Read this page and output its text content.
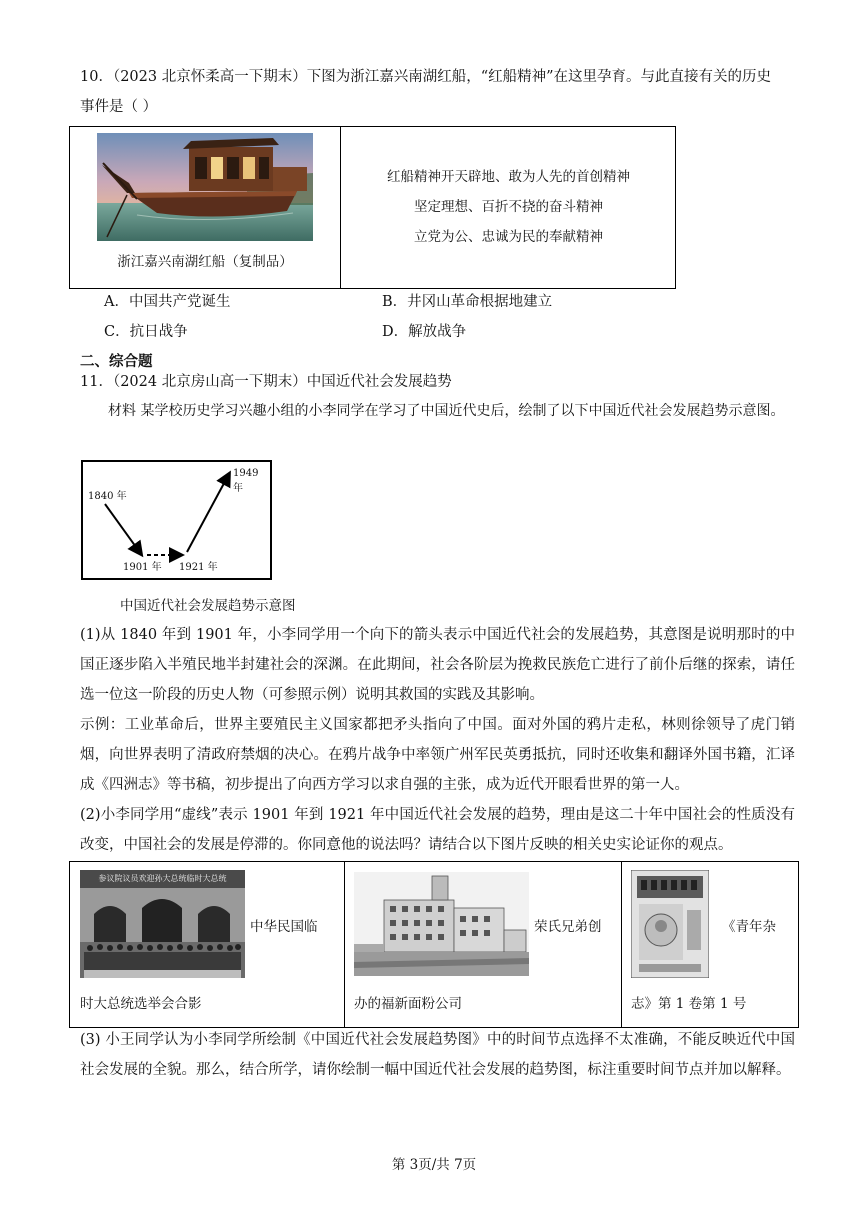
10．（2023 北京怀柔高一下期末）下图为浙江嘉兴南湖红船，“红船精神”在这里孕育。与此直接有关的历史
事件是（ ）
浙江嘉兴南湖红船（复制品）
红船精神开天辟地、敢为人先的首创精神
坚定理想、百折不挠的奋斗精神
立党为公、忠诚为民的奉献精神
A．中国共产党诞生	B．井冈山革命根据地建立
C．抗日战争	D．解放战争
二、综合题
11．（2024 北京房山高一下期末）中国近代社会发展趋势
材料 某学校历史学习兴趣小组的小李同学在学习了中国近代史后，绘制了以下中国近代社会发展趋势示意图。
1840 年
1901 年 1921 年
1949 年
中国近代社会发展趋势示意图
(1)从 1840 年到 1901 年，小李同学用一个向下的箭头表示中国近代社会的发展趋势，其意图是说明那时的中国正逐步陷入半殖民地半封建社会的深渊。在此期间，社会各阶层为挽救民族危亡进行了前仆后继的探索，请任选一位这一阶段的历史人物（可参照示例）说明其救国的实践及其影响。
示例：工业革命后，世界主要殖民主义国家都把矛头指向了中国。面对外国的鸦片走私，林则徐领导了虎门销烟，向世界表明了清政府禁烟的决心。在鸦片战争中率领广州军民英勇抵抗，同时还收集和翻译外国书籍，汇译成《四洲志》等书稿，初步提出了向西方学习以求自强的主张，成为近代开眼看世界的第一人。
(2)小李同学用“虚线”表示 1901 年到 1921 年中国近代社会发展的趋势，理由是这二十年中国社会的性质没有改变，中国社会的发展是停滞的。你同意他的说法吗？请结合以下图片反映的相关史实论证你的观点。
参议院议员欢迎孙大总统临时大总统
中华民国临
时大总统选举会合影
荣氏兄弟创
办的福新面粉公司
《青年杂
志》第 1 卷第 1 号
(3) 小王同学认为小李同学所绘制《中国近代社会发展趋势图》中的时间节点选择不太准确，不能反映近代中国社会发展的全貌。那么，结合所学，请你绘制一幅中国近代社会发展的趋势图，标注重要时间节点并加以解释。
第 3页/共 7页
